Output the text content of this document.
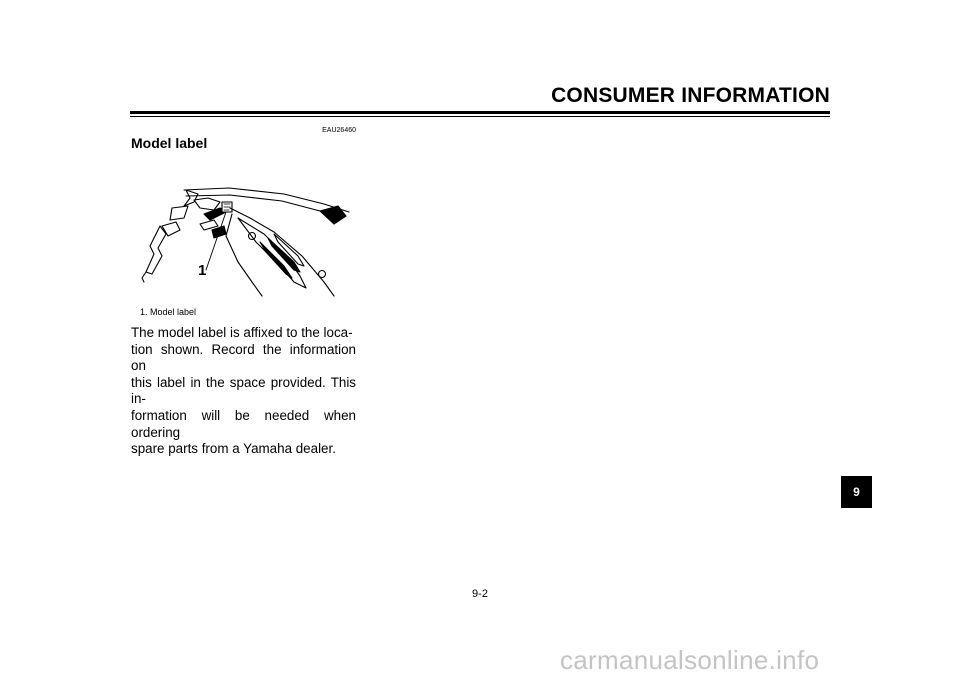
CONSUMER INFORMATION
EAU26460
Model label
1
1. Model label
The model label is affixed to the loca-
tion shown. Record the information on
this label in the space provided. This in-
formation will be needed when ordering
spare parts from a Yamaha dealer.
9
9-2
carmanualsonline.info
